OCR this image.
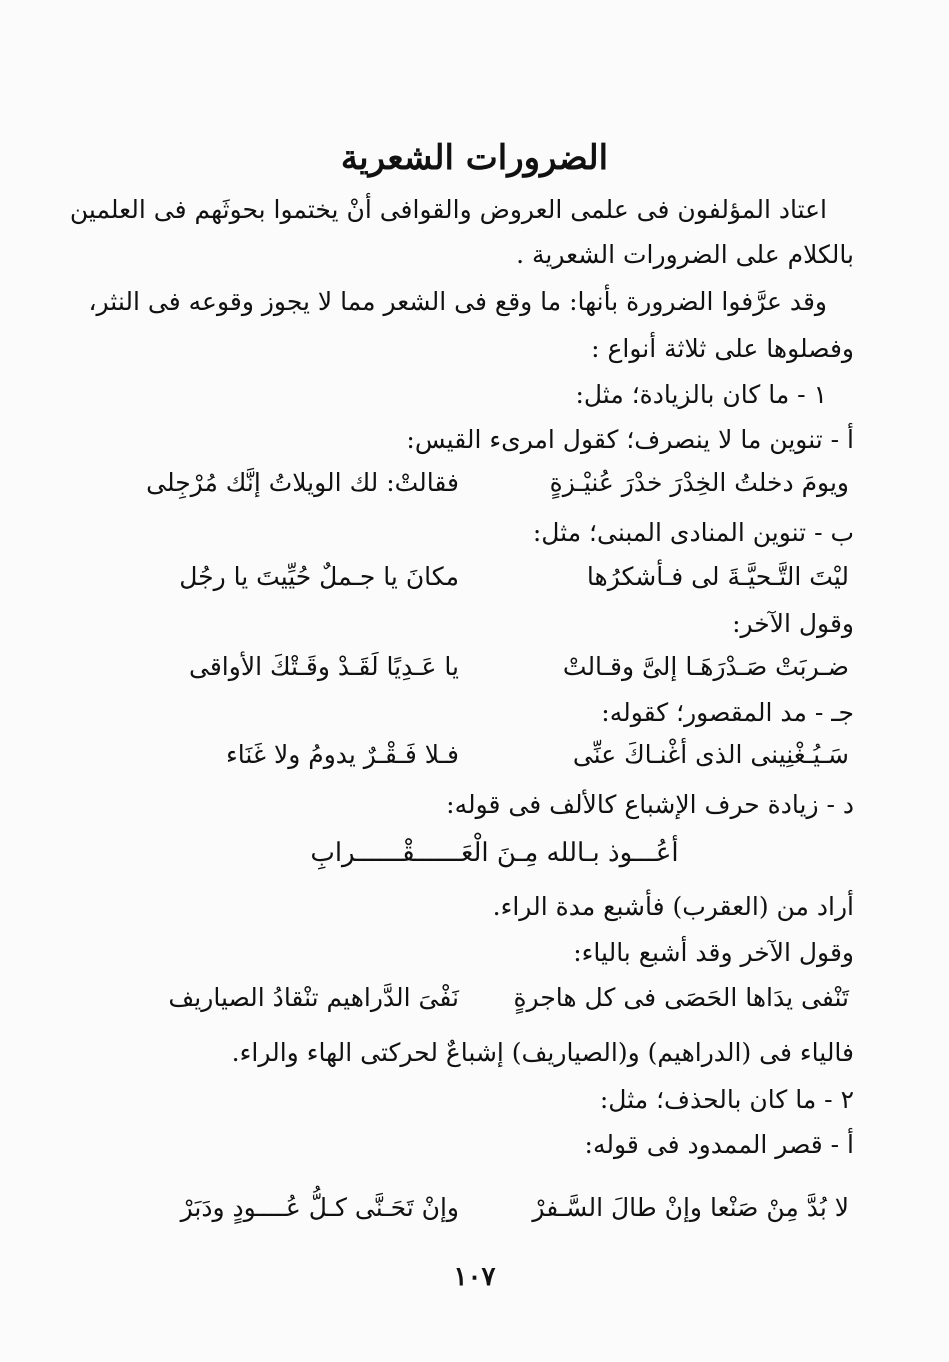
الضرورات الشعرية
اعتاد المؤلفون فى علمى العروض والقوافى أنْ يختموا بحوثَهم فى العلمين
بالكلام على الضرورات الشعرية .
وقد عرَّفوا الضرورة بأنها: ما وقع فى الشعر مما لا يجوز وقوعه فى النثر،
وفصلوها على ثلاثة أنواع :
١ - ما كان بالزيادة؛ مثل:
أ - تنوين ما لا ينصرف؛ كقول امرىء القيس:
ويومَ دخلتُ الخِدْرَ خدْرَ عُنيْـزةٍ
فقالتْ: لك الويلاتُ إنَّك مُرْجِلى
ب - تنوين المنادى المبنى؛ مثل:
ليْتَ التَّـحيَّـةَ لى فـأشكرُها
مكانَ يا جـملٌ حُيِّيتَ يا رجُل
وقول الآخر:
ضـربَتْ صَـدْرَهَـا إلىَّ وقـالتْ
يا عَـدِيًا لَقَـدْ وقَـتْكَ الأواقى
جـ - مد المقصور؛ كقوله:
سَـيُـغْنِينى الذى أغْنـاكَ عنِّى
فـلا فَـقْـرٌ يدومُ ولا غَنَاء
د - زيادة حرف الإشباع كالألف فى قوله:
أعُـــوذ بـالله مِـنَ الْعَــــــقْــــــرابِ
أراد من (العقرب) فأشبع مدة الراء.
وقول الآخر وقد أشبع بالياء:
تَنْفى يدَاها الحَصَى فى كل هاجرةٍ
نَفْىَ الدَّراهيم تنْقادُ الصياريف
فالياء فى (الدراهيم) و(الصياريف) إشباعٌ لحركتى الهاء والراء.
٢ - ما كان بالحذف؛ مثل:
أ - قصر الممدود فى قوله:
لا بُدَّ مِنْ صَنْعا وإنْ طالَ السَّـفرْ
وإنْ تَحَـنَّى كـلُّ عُــــودٍ ودَبَرْ
١٠٧
